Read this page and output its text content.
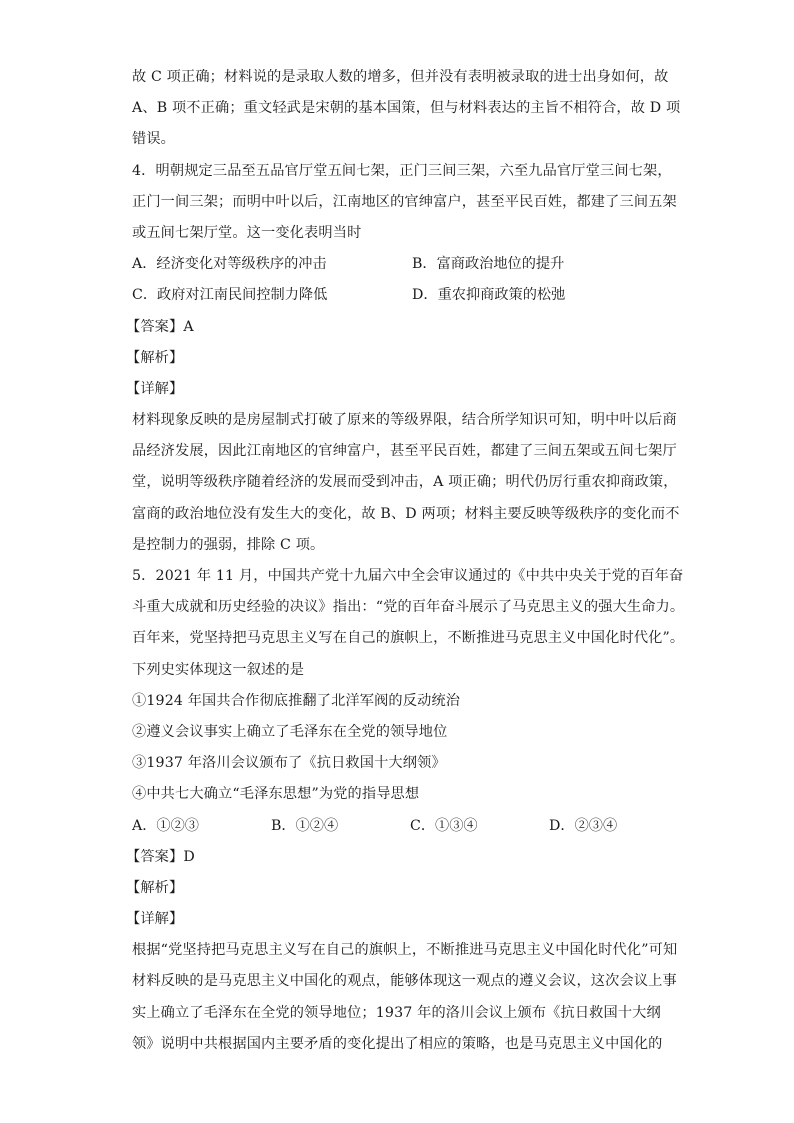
故 C 项正确；材料说的是录取人数的增多，但并没有表明被录取的进士出身如何，故
A、B 项不正确；重文轻武是宋朝的基本国策，但与材料表达的主旨不相符合，故 D 项
错误。
4．明朝规定三品至五品官厅堂五间七架，正门三间三架，六至九品官厅堂三间七架，
正门一间三架；而明中叶以后，江南地区的官绅富户，甚至平民百姓，都建了三间五架
或五间七架厅堂。这一变化表明当时
A．经济变化对等级秩序的冲击	B．富商政治地位的提升
C．政府对江南民间控制力降低	D．重农抑商政策的松弛
【答案】A
【解析】
【详解】
材料现象反映的是房屋制式打破了原来的等级界限，结合所学知识可知，明中叶以后商
品经济发展，因此江南地区的官绅富户，甚至平民百姓，都建了三间五架或五间七架厅
堂，说明等级秩序随着经济的发展而受到冲击，A 项正确；明代仍厉行重农抑商政策，
富商的政治地位没有发生大的变化，故 B、D 两项；材料主要反映等级秩序的变化而不
是控制力的强弱，排除 C 项。
5．2021 年 11 月，中国共产党十九届六中全会审议通过的《中共中央关于党的百年奋
斗重大成就和历史经验的决议》指出：“党的百年奋斗展示了马克思主义的强大生命力。
百年来，党坚持把马克思主义写在自己的旗帜上，不断推进马克思主义中国化时代化”。
下列史实体现这一叙述的是
①1924 年国共合作彻底推翻了北洋军阀的反动统治
②遵义会议事实上确立了毛泽东在全党的领导地位
③1937 年洛川会议颁布了《抗日救国十大纲领》
④中共七大确立“毛泽东思想”为党的指导思想
A．①②③	B．①②④	C．①③④	D．②③④
【答案】D
【解析】
【详解】
根据“党坚持把马克思主义写在自己的旗帜上，不断推进马克思主义中国化时代化”可知
材料反映的是马克思主义中国化的观点，能够体现这一观点的遵义会议，这次会议上事
实上确立了毛泽东在全党的领导地位；1937 年的洛川会议上颁布《抗日救国十大纲
领》说明中共根据国内主要矛盾的变化提出了相应的策略，也是马克思主义中国化的
